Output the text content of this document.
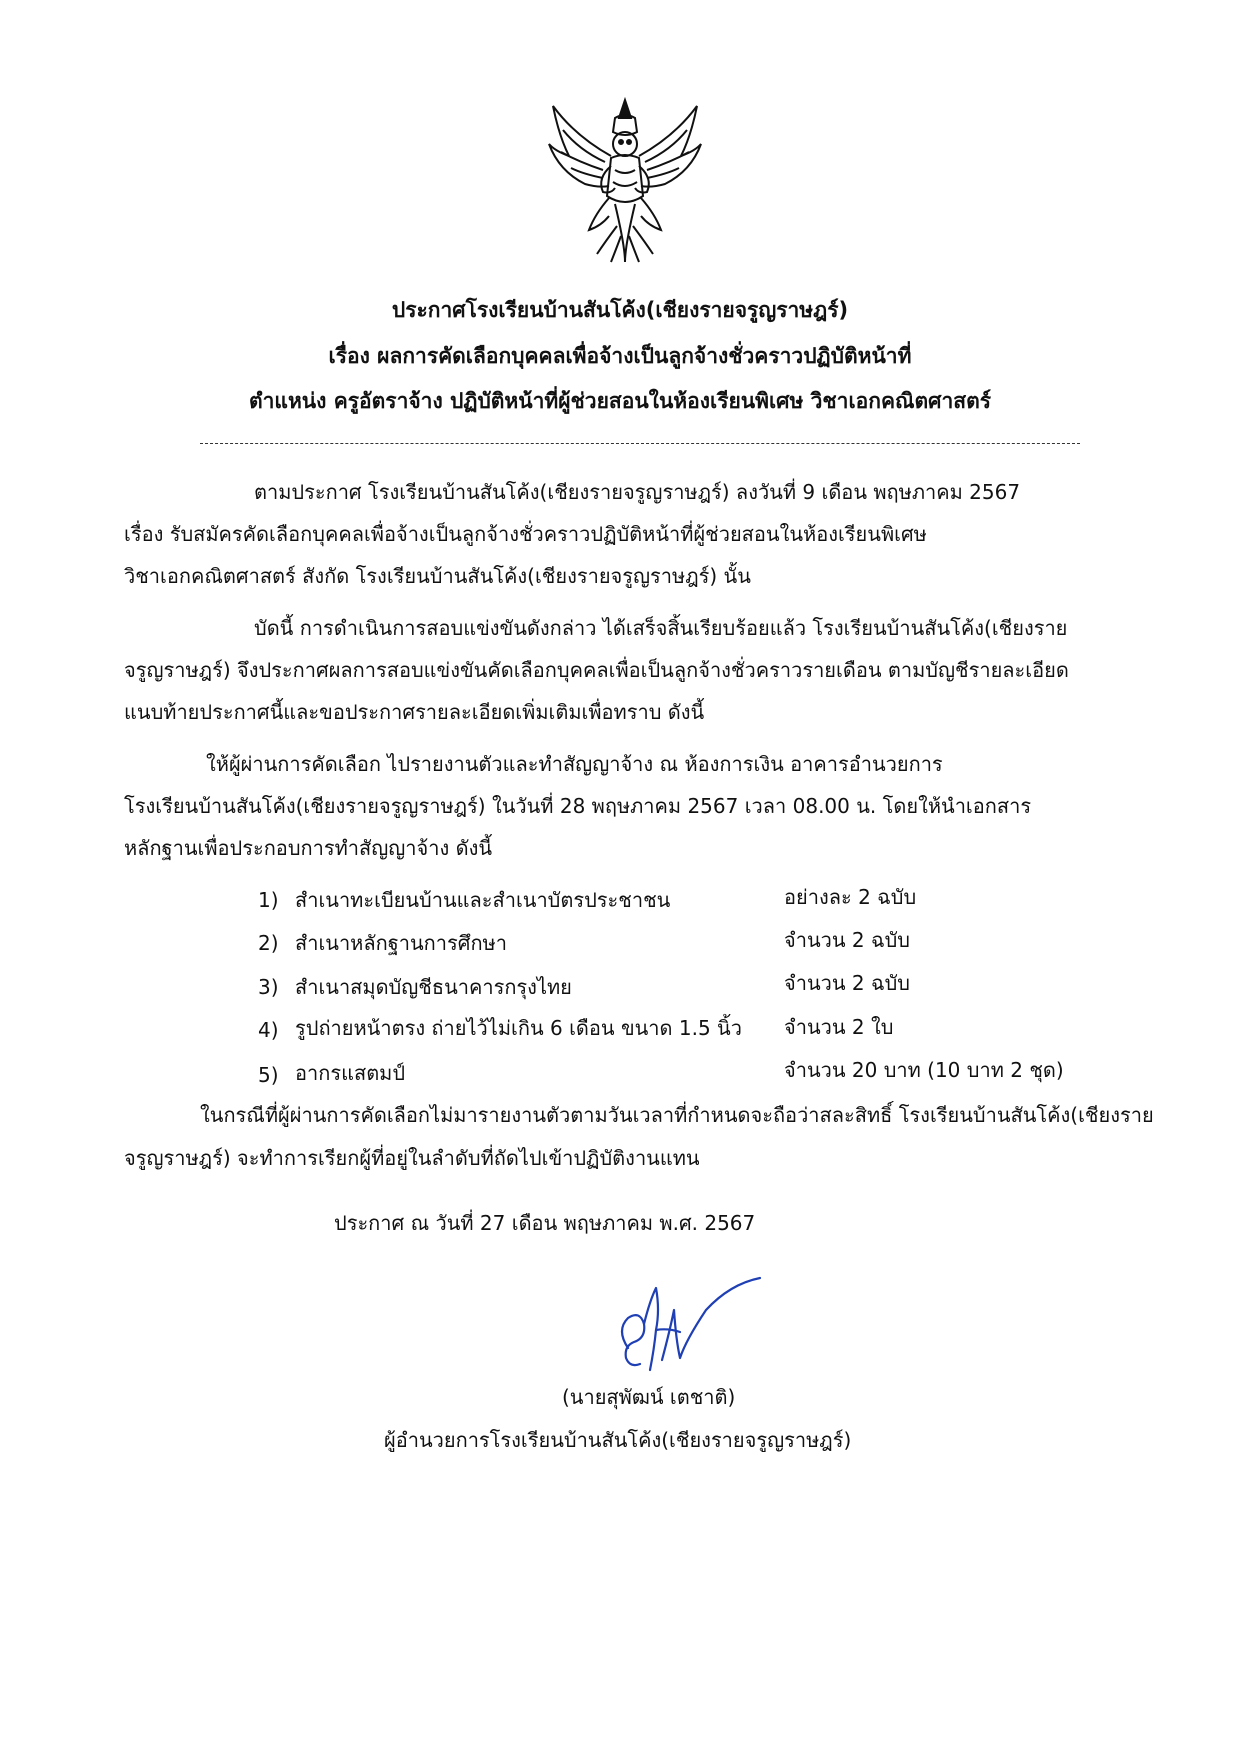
ประกาศโรงเรียนบ้านสันโค้ง(เชียงรายจรูญราษฎร์)
เรื่อง ผลการคัดเลือกบุคคลเพื่อจ้างเป็นลูกจ้างชั่วคราวปฏิบัติหน้าที่
ตำแหน่ง ครูอัตราจ้าง ปฏิบัติหน้าที่ผู้ช่วยสอนในห้องเรียนพิเศษ วิชาเอกคณิตศาสตร์
ตามประกาศ โรงเรียนบ้านสันโค้ง(เชียงรายจรูญราษฎร์) ลงวันที่ 9 เดือน พฤษภาคม 2567
เรื่อง รับสมัครคัดเลือกบุคคลเพื่อจ้างเป็นลูกจ้างชั่วคราวปฏิบัติหน้าที่ผู้ช่วยสอนในห้องเรียนพิเศษ
วิชาเอกคณิตศาสตร์ สังกัด โรงเรียนบ้านสันโค้ง(เชียงรายจรูญราษฎร์) นั้น
บัดนี้ การดำเนินการสอบแข่งขันดังกล่าว ได้เสร็จสิ้นเรียบร้อยแล้ว โรงเรียนบ้านสันโค้ง(เชียงราย
จรูญราษฎร์) จึงประกาศผลการสอบแข่งขันคัดเลือกบุคคลเพื่อเป็นลูกจ้างชั่วคราวรายเดือน ตามบัญชีรายละเอียด
แนบท้ายประกาศนี้และขอประกาศรายละเอียดเพิ่มเติมเพื่อทราบ ดังนี้
ให้ผู้ผ่านการคัดเลือก ไปรายงานตัวและทำสัญญาจ้าง ณ ห้องการเงิน อาคารอำนวยการ
โรงเรียนบ้านสันโค้ง(เชียงรายจรูญราษฎร์) ในวันที่ 28 พฤษภาคม 2567 เวลา 08.00 น. โดยให้นำเอกสาร
หลักฐานเพื่อประกอบการทำสัญญาจ้าง ดังนี้
1) สำเนาทะเบียนบ้านและสำเนาบัตรประชาชน	อย่างละ 2 ฉบับ
2) สำเนาหลักฐานการศึกษา	จำนวน 2 ฉบับ
3) สำเนาสมุดบัญชีธนาคารกรุงไทย	จำนวน 2 ฉบับ
4) รูปถ่ายหน้าตรง ถ่ายไว้ไม่เกิน 6 เดือน ขนาด 1.5 นิ้ว จำนวน 2 ใบ
5) อากรแสตมป์	จำนวน 20 บาท (10 บาท 2 ชุด)
ในกรณีที่ผู้ผ่านการคัดเลือกไม่มารายงานตัวตามวันเวลาที่กำหนดจะถือว่าสละสิทธิ์ โรงเรียนบ้านสันโค้ง(เชียงราย
จรูญราษฎร์) จะทำการเรียกผู้ที่อยู่ในลำดับที่ถัดไปเข้าปฏิบัติงานแทน
ประกาศ ณ วันที่ 27 เดือน พฤษภาคม พ.ศ. 2567
(นายสุพัฒน์ เตชาติ)
ผู้อำนวยการโรงเรียนบ้านสันโค้ง(เชียงรายจรูญราษฎร์)
